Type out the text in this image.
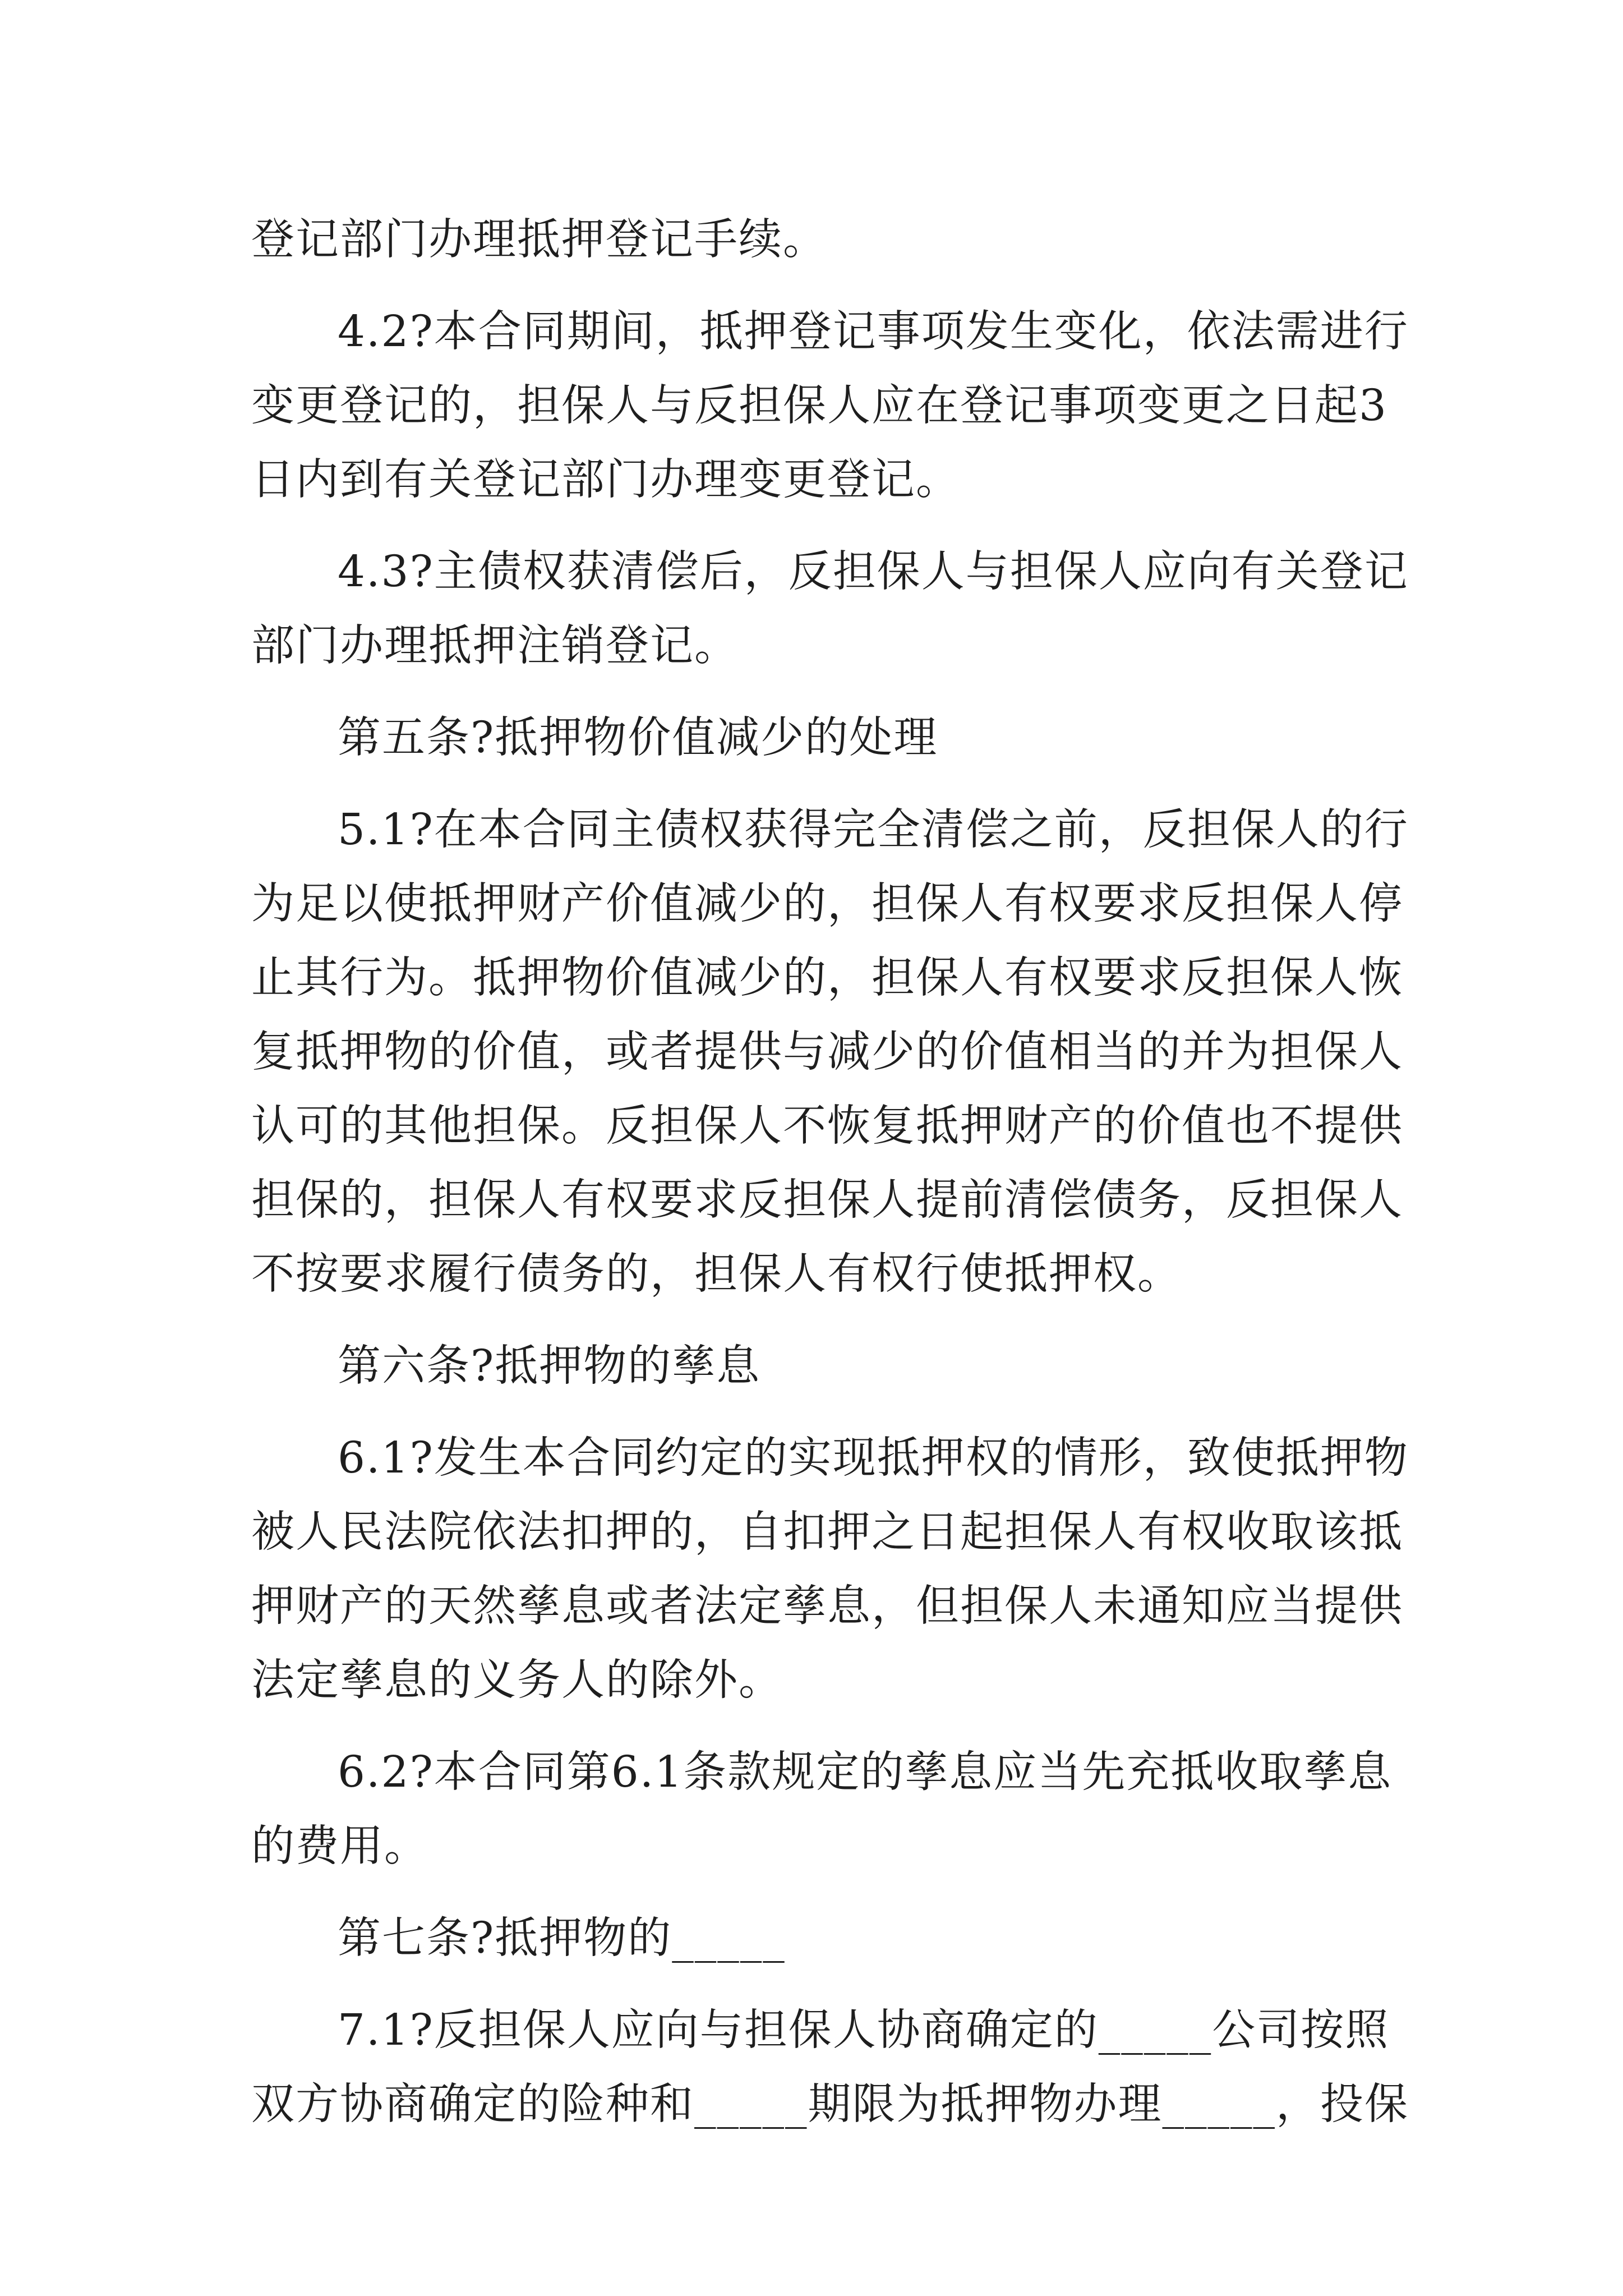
登记部门办理抵押登记手续。
4.2?本合同期间，抵押登记事项发生变化，依法需进行
变更登记的，担保人与反担保人应在登记事项变更之日起3
日内到有关登记部门办理变更登记。
4.3?主债权获清偿后，反担保人与担保人应向有关登记
部门办理抵押注销登记。
第五条?抵押物价值减少的处理
5.1?在本合同主债权获得完全清偿之前，反担保人的行
为足以使抵押财产价值减少的，担保人有权要求反担保人停
止其行为。抵押物价值减少的，担保人有权要求反担保人恢
复抵押物的价值，或者提供与减少的价值相当的并为担保人
认可的其他担保。反担保人不恢复抵押财产的价值也不提供
担保的，担保人有权要求反担保人提前清偿债务，反担保人
不按要求履行债务的，担保人有权行使抵押权。
第六条?抵押物的孳息
6.1?发生本合同约定的实现抵押权的情形，致使抵押物
被人民法院依法扣押的，自扣押之日起担保人有权收取该抵
押财产的天然孳息或者法定孳息，但担保人未通知应当提供
法定孳息的义务人的除外。
6.2?本合同第6.1条款规定的孳息应当先充抵收取孳息
的费用。
第七条?抵押物的_____
7.1?反担保人应向与担保人协商确定的_____公司按照
双方协商确定的险种和_____期限为抵押物办理_____，投保
